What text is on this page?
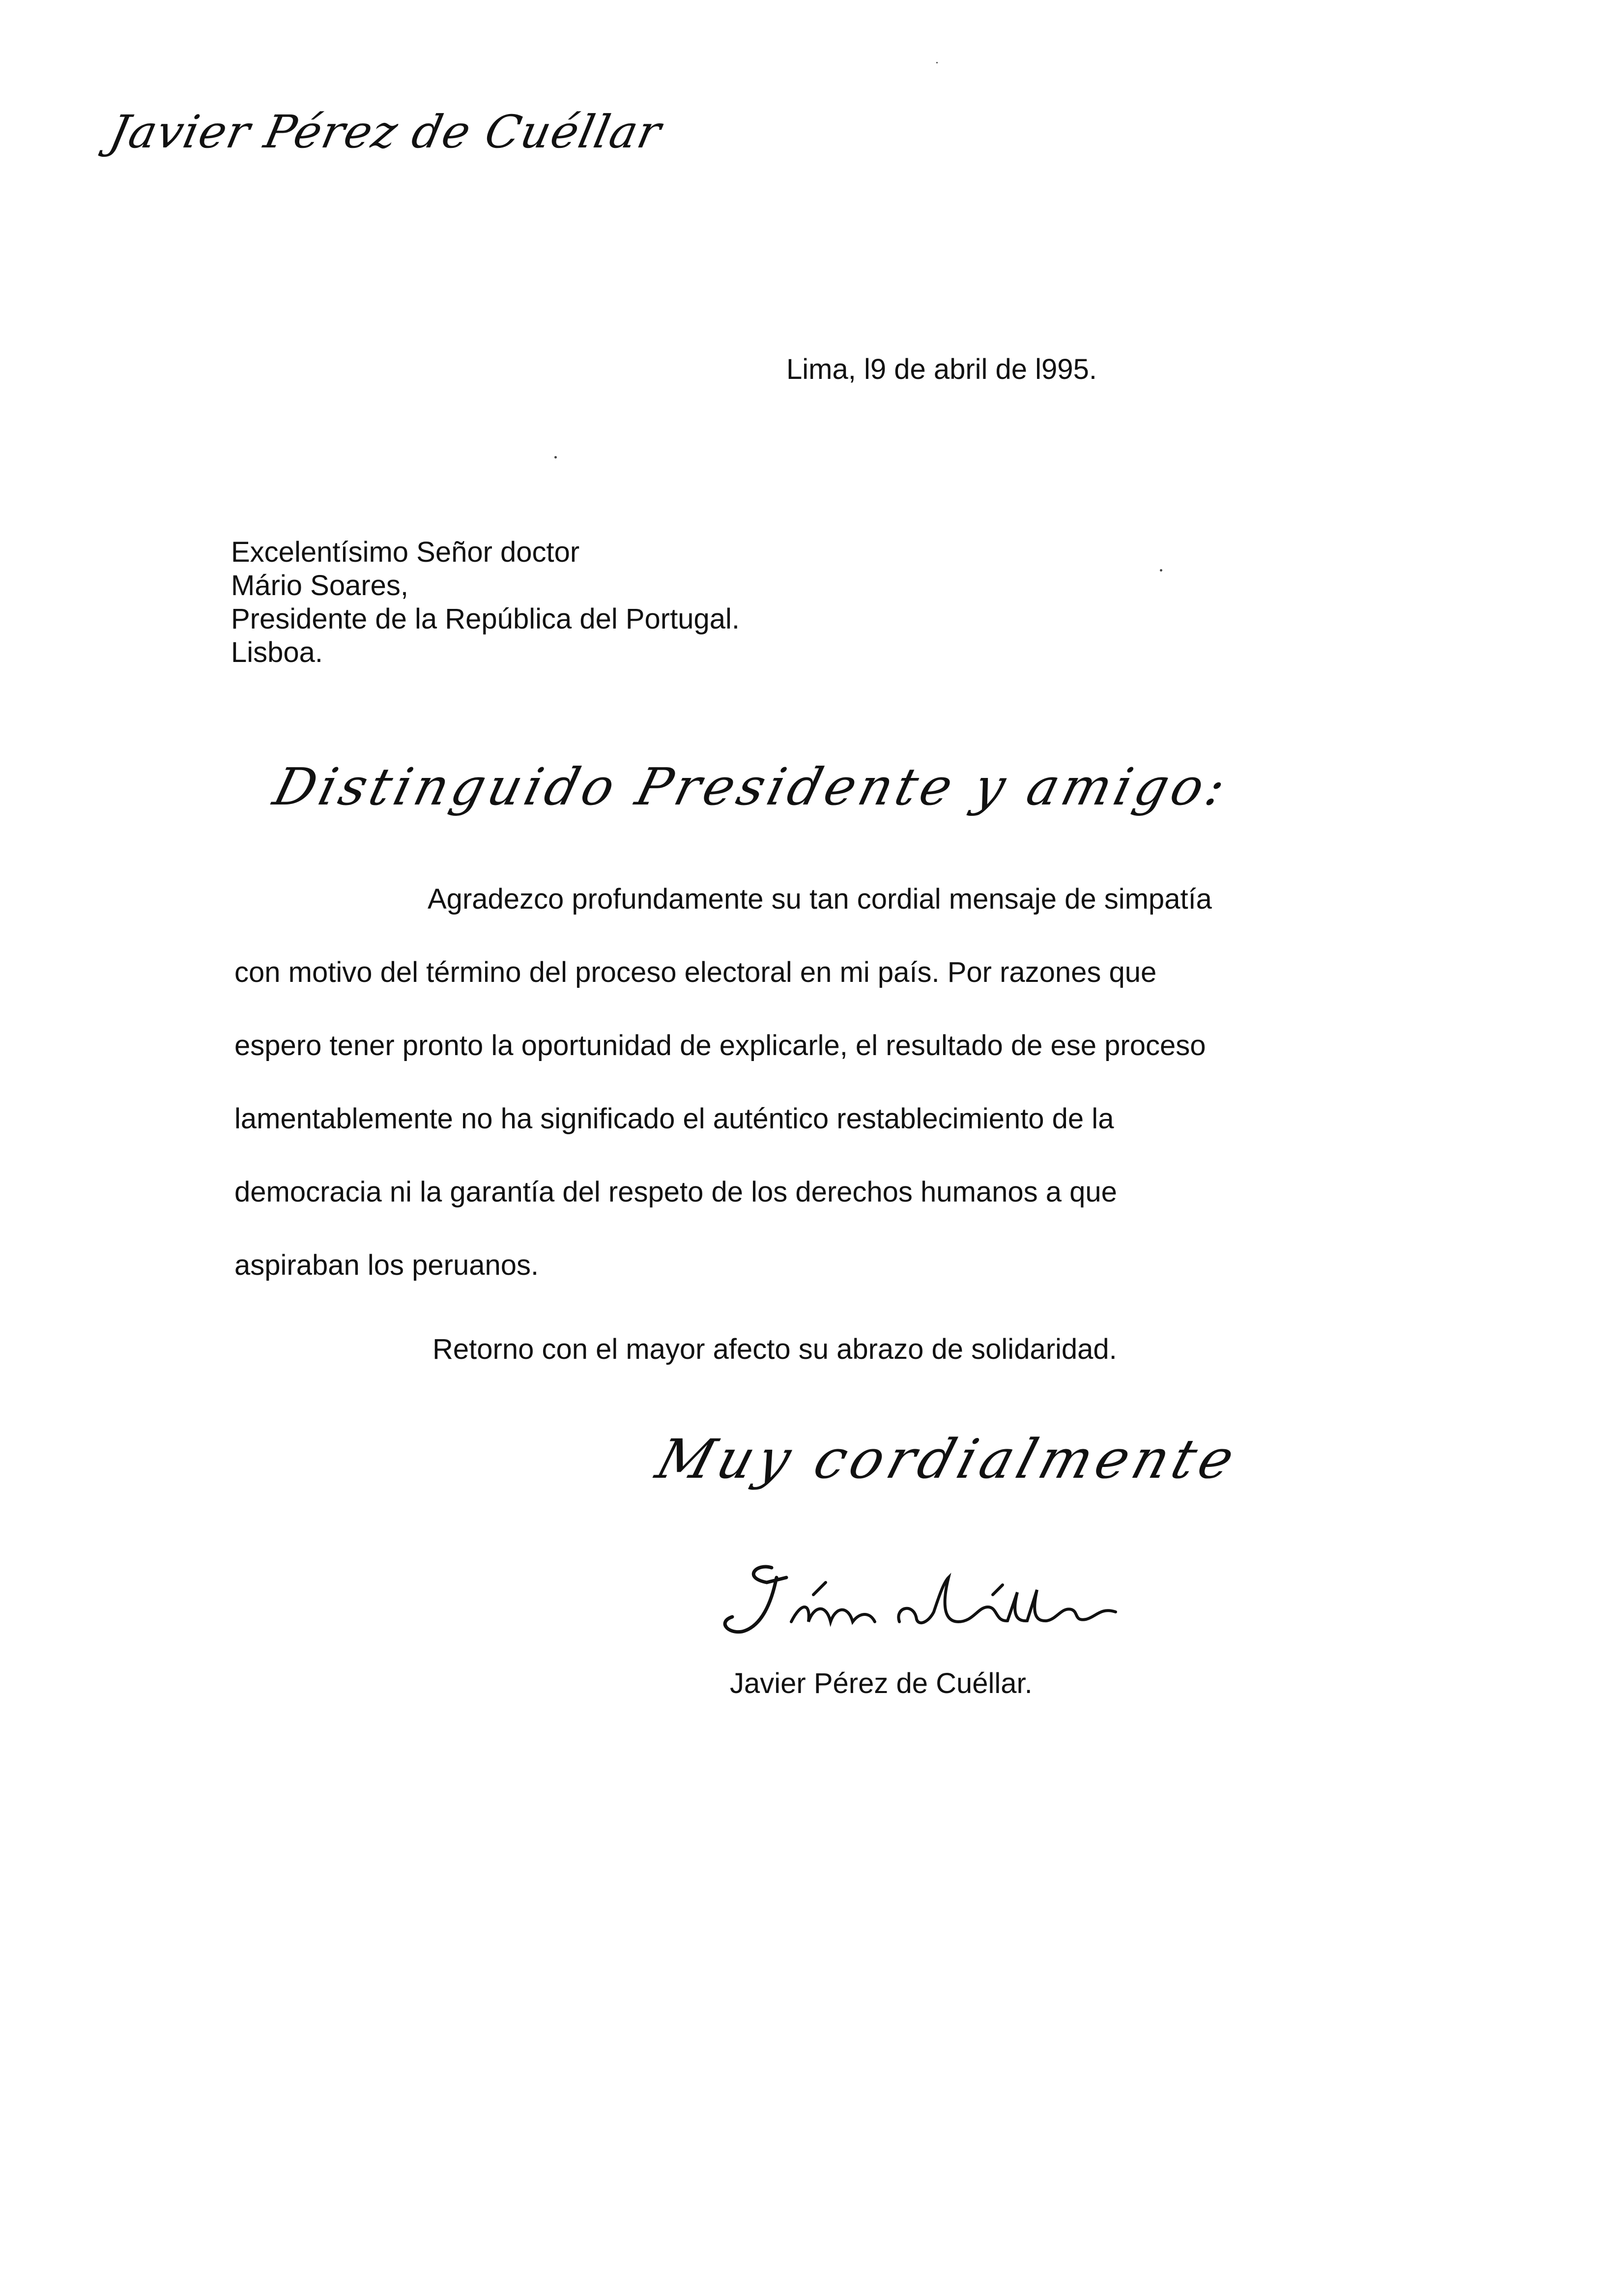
Javier Pérez de Cuéllar
Lima, l9 de abril de l995.
Excelentísimo Señor doctor
Mário Soares,
Presidente de la República del Portugal.
Lisboa.
Distinguido Presidente y amigo:
Agradezco profundamente su tan cordial mensaje de simpatía
con motivo del término del proceso electoral en mi país. Por razones que
espero tener pronto la oportunidad de explicarle, el resultado de ese proceso
lamentablemente no ha significado el auténtico restablecimiento de la
democracia ni la garantía del respeto de los derechos humanos a que
aspiraban los peruanos.
Retorno con el mayor afecto su abrazo de solidaridad.
Muy cordialmente
Javier Pérez de Cuéllar.
